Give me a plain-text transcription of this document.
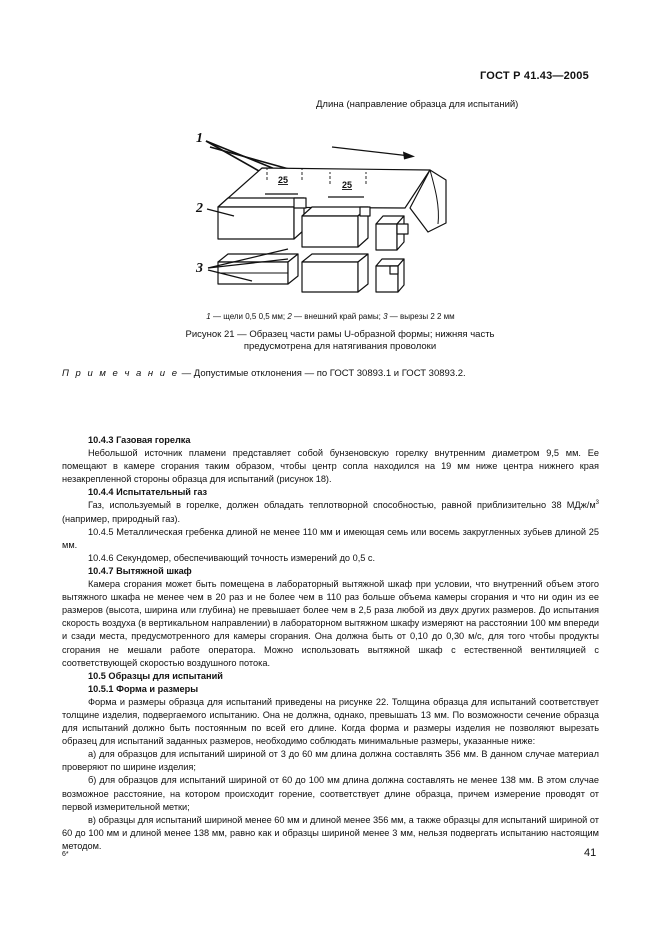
ГОСТ Р 41.43—2005
Длина (направление образца для испытаний)
1
2
3
25	25
1 — щели 0,5 0,5 мм; 2 — внешний край рамы; 3 — вырезы 2 2 мм
Рисунок 21 — Образец части рамы U-образной формы; нижняя часть
предусмотрена для натягивания проволоки
П р и м е ч а н и е — Допустимые отклонения — по ГОСТ 30893.1 и ГОСТ 30893.2.

10.4.3 Газовая горелка

Небольшой источник пламени представляет собой бунзеновскую горелку внутренним диаметром 9,5 мм. Ее помещают в камере сгорания таким образом, чтобы центр сопла находился на 19 мм ниже центра нижнего края незакрепленной стороны образца для испытаний (рисунок 18).

10.4.4 Испытательный газ

Газ, используемый в горелке, должен обладать теплотворной способностью, равной приблизительно 38 МДж/$м^3$ (например, природный газ).

10.4.5 Металлическая гребенка длиной не менее 110 мм и имеющая семь или восемь закругленных зубьев длиной 25 мм.

10.4.6 Секундомер, обеспечивающий точность измерений до 0,5 с.

10.4.7 Вытяжной шкаф

Камера сгорания может быть помещена в лабораторный вытяжной шкаф при условии, что внутренний объем этого вытяжного шкафа не менее чем в 20 раз и не более чем в 110 раз больше объема камеры сгорания и что ни один из ее размеров (высота, ширина или глубина) не превышает более чем в 2,5 раза любой из двух других размеров. До испытания скорость воздуха (в вертикальном направлении) в лабораторном вытяжном шкафу измеряют на расстоянии 100 мм впереди и сзади места, предусмотренного для камеры сгорания. Она должна быть от 0,10 до 0,30 м/с, для того чтобы продукты сгорания не мешали работе оператора. Можно использовать вытяжной шкаф с естественной вентиляцией с соответствующей скоростью воздушного потока.

10.5 Образцы для испытаний

10.5.1 Форма и размеры

Форма и размеры образца для испытаний приведены на рисунке 22. Толщина образца для испытаний соответствует толщине изделия, подвергаемого испытанию. Она не должна, однако, превышать 13 мм. По возможности сечение образца для испытаний должно быть постоянным по всей его длине. Когда форма и размеры изделия не позволяют вырезать образец для испытаний заданных размеров, необходимо соблюдать минимальные размеры, указанные ниже:

а) для образцов для испытаний шириной от 3 до 60 мм длина должна составлять 356 мм. В данном случае материал проверяют по ширине изделия;

б) для образцов для испытаний шириной от 60 до 100 мм длина должна составлять не менее 138 мм. В этом случае возможное расстояние, на котором происходит горение, соответствует длине образца, причем измерение проводят от первой измерительной метки;

в) образцы для испытаний шириной менее 60 мм и длиной менее 356 мм, а также образцы для испытаний шириной от 60 до 100 мм и длиной менее 138 мм, равно как и образцы шириной менее 3 мм, нельзя подвергать испытанию настоящим методом.

6*	41
